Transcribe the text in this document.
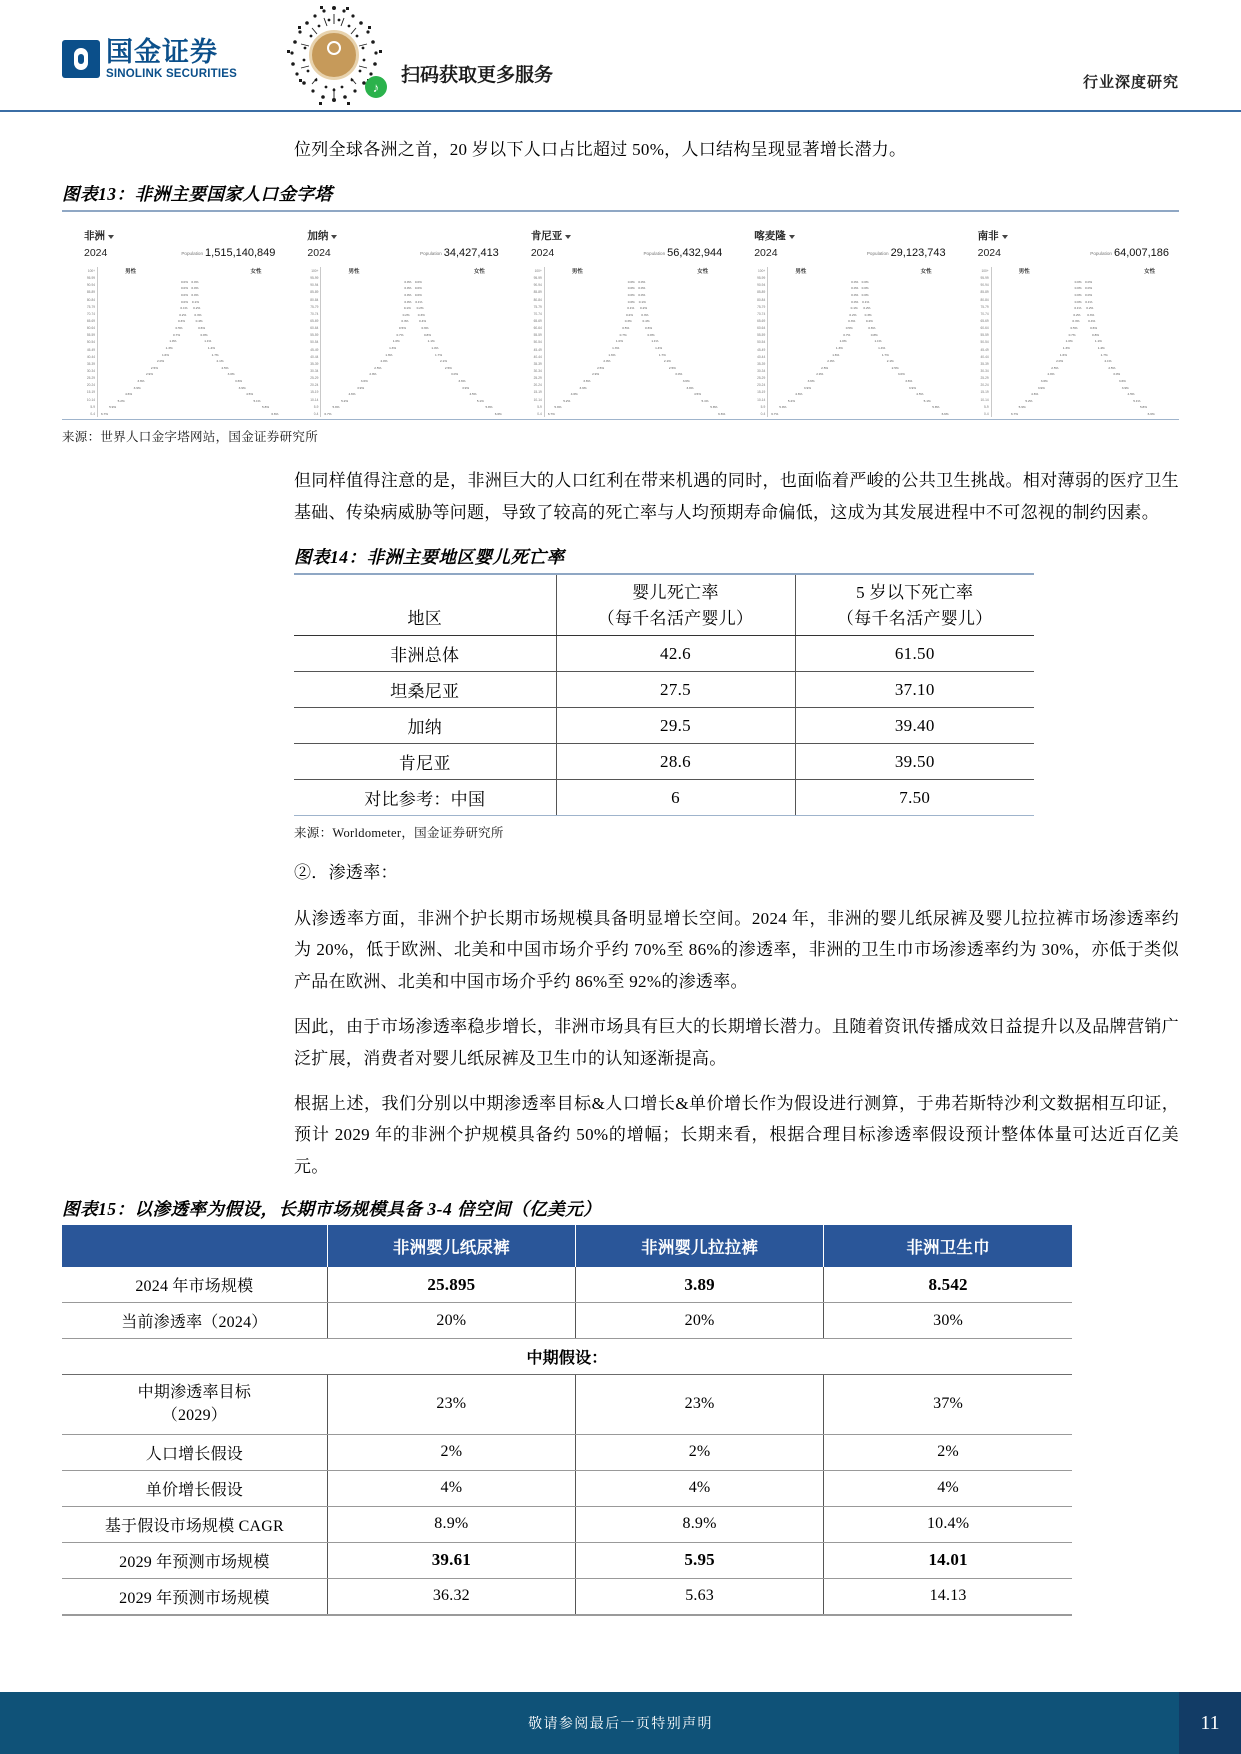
国金证券
SINOLINK SECURITIES
♪
扫码获取更多服务	行业深度研究

位列全球各洲之首，20 岁以下人口占比超过 50%，人口结构呈现显著增长潜力。

图表13：非洲主要国家人口金字塔
非洲
2024	Population 1,515,140,849
100+
95-99
90-94
85-89
80-84
75-79
70-74
65-69
60-64
55-59
50-54
45-49
40-44
35-39
30-34
25-29
20-24
15-19
10-14
5-9
0-4
男性	女性
0.0%	0.0%
0.0%	0.0%
0.0%	0.0%
0.0%	0.1%
0.1%	0.2%
0.2%	0.3%
0.3%	0.4%
0.5%	0.6%
0.7%	0.8%
1.0%	1.1%
1.3%	1.4%
1.6%	1.7%
2.0%	2.1%
2.5%	2.5%
2.9%	3.0%
3.6%	3.6%
3.9%	3.9%
4.6%	4.5%
5.2%	5.1%
5.9%	5.8%
6.7%	6.6%
加纳
2024	Population 34,427,413
100+
95-99
90-94
85-89
80-84
75-79
70-74
65-69
60-64
55-59
50-54
45-49
40-44
35-39
30-34
25-29
20-24
15-19
10-14
5-9
0-4
男性	女性
0.0%	0.0%
0.0%	0.0%
0.0%	0.0%
0.0%	0.1%
0.1%	0.2%
0.2%	0.3%
0.3%	0.4%
0.5%	0.6%
0.7%	0.8%
1.0%	1.1%
1.3%	1.4%
1.6%	1.7%
2.0%	2.1%
2.5%	2.5%
2.9%	3.0%
3.6%	3.6%
3.9%	3.9%
4.6%	4.5%
5.2%	5.1%
5.9%	5.8%
6.7%	6.6%
肯尼亚
2024	Population 56,432,944
100+
95-99
90-94
85-89
80-84
75-79
70-74
65-69
60-64
55-59
50-54
45-49
40-44
35-39
30-34
25-29
20-24
15-19
10-14
5-9
0-4
男性	女性
0.0%	0.0%
0.0%	0.0%
0.0%	0.0%
0.0%	0.1%
0.1%	0.2%
0.2%	0.3%
0.3%	0.4%
0.5%	0.6%
0.7%	0.8%
1.0%	1.1%
1.3%	1.4%
1.6%	1.7%
2.0%	2.1%
2.5%	2.5%
2.9%	3.0%
3.6%	3.6%
3.9%	3.9%
4.6%	4.5%
5.2%	5.1%
5.9%	5.8%
6.7%	6.6%
喀麦隆
2024	Population 29,123,743
100+
95-99
90-94
85-89
80-84
75-79
70-74
65-69
60-64
55-59
50-54
45-49
40-44
35-39
30-34
25-29
20-24
15-19
10-14
5-9
0-4
男性	女性
0.0%	0.0%
0.0%	0.0%
0.0%	0.0%
0.0%	0.1%
0.1%	0.2%
0.2%	0.3%
0.3%	0.4%
0.5%	0.6%
0.7%	0.8%
1.0%	1.1%
1.3%	1.4%
1.6%	1.7%
2.0%	2.1%
2.5%	2.5%
2.9%	3.0%
3.6%	3.6%
3.9%	3.9%
4.6%	4.5%
5.2%	5.1%
5.9%	5.8%
6.7%	6.6%
南非
2024	Population 64,007,186
100+
95-99
90-94
85-89
80-84
75-79
70-74
65-69
60-64
55-59
50-54
45-49
40-44
35-39
30-34
25-29
20-24
15-19
10-14
5-9
0-4
男性	女性
0.0%	0.0%
0.0%	0.0%
0.0%	0.0%
0.0%	0.1%
0.1%	0.2%
0.2%	0.3%
0.3%	0.4%
0.5%	0.6%
0.7%	0.8%
1.0%	1.1%
1.3%	1.4%
1.6%	1.7%
2.0%	2.1%
2.5%	2.5%
2.9%	3.0%
3.6%	3.6%
3.9%	3.9%
4.6%	4.5%
5.2%	5.1%
5.9%	5.8%
6.7%	6.6%
来源：世界人口金字塔网站，国金证券研究所

但同样值得注意的是，非洲巨大的人口红利在带来机遇的同时，也面临着严峻的公共卫生挑战。相对薄弱的医疗卫生基础、传染病威胁等问题，导致了较高的死亡率与人均预期寿命偏低，这成为其发展进程中不可忽视的制约因素。

图表14：非洲主要地区婴儿死亡率
地区

婴儿死亡率
（每千名活产婴儿）

5 岁以下死亡率
（每千名活产婴儿）

非洲总体	42.6	61.50
坦桑尼亚	27.5	37.10
加纳	29.5	39.40
肯尼亚	28.6	39.50
对比参考：中国	6	7.50
来源：Worldometer，国金证券研究所

②．渗透率：

从渗透率方面，非洲个护长期市场规模具备明显增长空间。2024 年，非洲的婴儿纸尿裤及婴儿拉拉裤市场渗透率约为 20%，低于欧洲、北美和中国市场介乎约 70%至 86%的渗透率，非洲的卫生巾市场渗透率约为 30%，亦低于类似产品在欧洲、北美和中国市场介乎约 86%至 92%的渗透率。

因此，由于市场渗透率稳步增长，非洲市场具有巨大的长期增长潜力。且随着资讯传播成效日益提升以及品牌营销广泛扩展，消费者对婴儿纸尿裤及卫生巾的认知逐渐提高。

根据上述，我们分别以中期渗透率目标&人口增长&单价增长作为假设进行测算，于弗若斯特沙利文数据相互印证，预计 2029 年的非洲个护规模具备约 50%的增幅；长期来看，根据合理目标渗透率假设预计整体体量可达近百亿美元。

图表15：以渗透率为假设，长期市场规模具备 3-4 倍空间（亿美元）
	非洲婴儿纸尿裤	非洲婴儿拉拉裤	非洲卫生巾
2024 年市场规模	25.895	3.89	8.542
当前渗透率（2024）	20%	20%	30%
中期假设：			

中期渗透率目标
（2029）	23%	23%	37%
人口增长假设	2%	2%	2%
单价增长假设	4%	4%	4%
基于假设市场规模 CAGR	8.9%	8.9%	10.4%
2029 年预测市场规模	39.61	5.95	14.01
2029 年预测市场规模	36.32	5.63	14.13
敬请参阅最后一页特别声明	11
